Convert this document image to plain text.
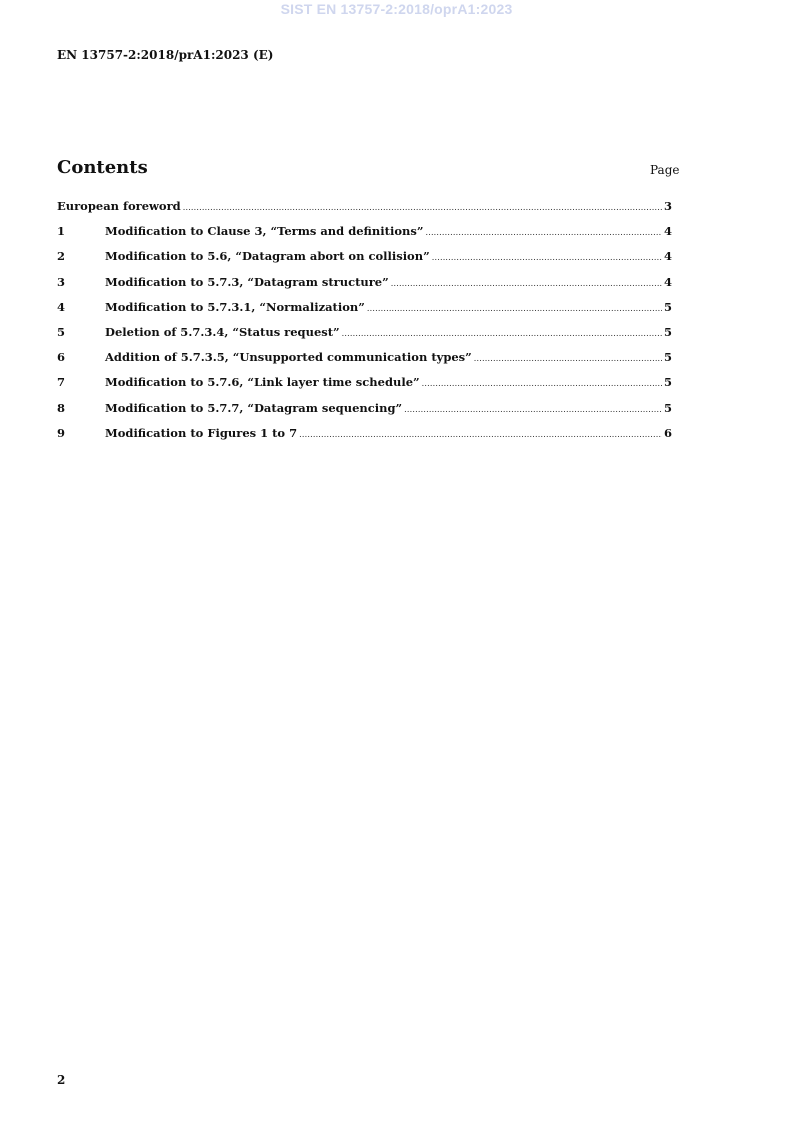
SIST EN 13757-2:2018/oprA1:2023
EN 13757-2:2018/prA1:2023 (E)
Contents	Page
European foreword .....	3
1	Modification to Clause 3, “Terms and definitions” .....	4
2	Modification to 5.6, “Datagram abort on collision” .....	4
3	Modification to 5.7.3, “Datagram structure” .....	4
4	Modification to 5.7.3.1, “Normalization” .....	5
5	Deletion of 5.7.3.4, “Status request” .....	5
6	Addition of 5.7.3.5, “Unsupported communication types” .....	5
7	Modification to 5.7.6, “Link layer time schedule” .....	5
8	Modification to 5.7.7, “Datagram sequencing” .....	5
9	Modification to Figures 1 to 7 .....	6
2
